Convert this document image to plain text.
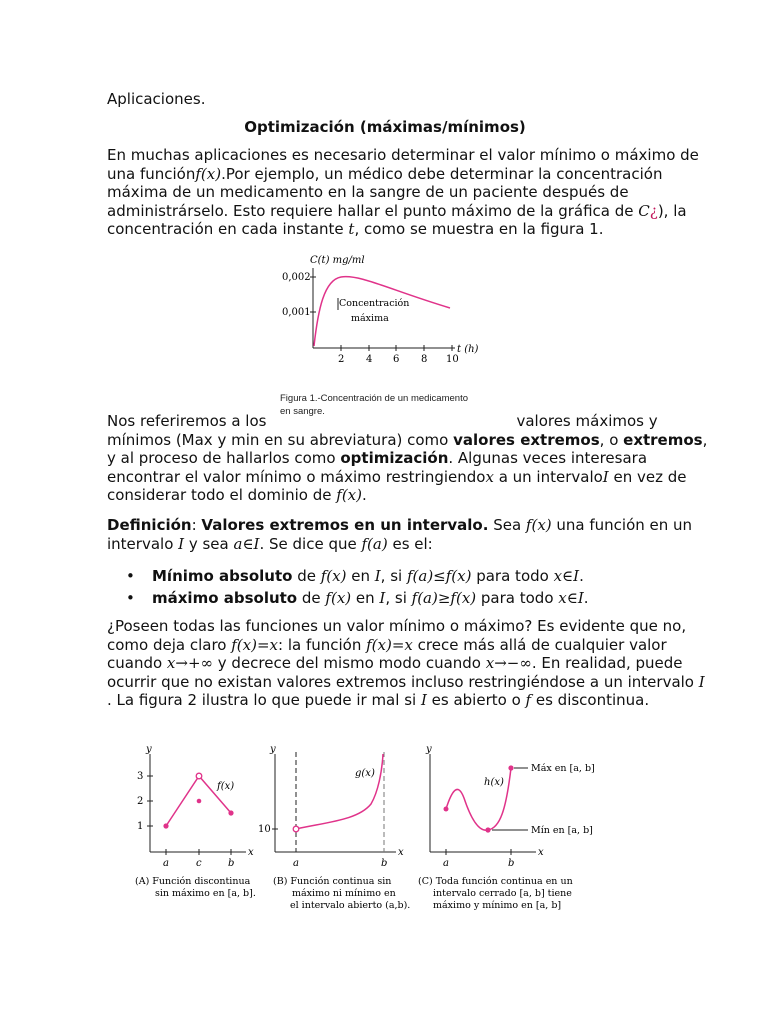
Aplicaciones.
Optimización (máximas/mínimos)
En muchas aplicaciones es necesario determinar el valor mínimo o máximo de
una funciónf(x).Por ejemplo, un médico debe determinar la concentración
máxima de un medicamento en la sangre de un paciente después de
administrárselo. Esto requiere hallar el punto máximo de la gráfica de C¿), la
concentración en cada instante t, como se muestra en la figura 1.
C(t) mg/ml
0,002
0,001
2 4 6 8 10
t (h)
Concentración
máxima
Figura 1.-Concentración de un medicamento
en sangre.
Nos referiremos a los	valores máximos y
mínimos (Max y min en su abreviatura) como valores extremos, o extremos,
y al proceso de hallarlos como optimización. Algunas veces interesara
encontrar el valor mínimo o máximo restringiendox a un intervaloI en vez de
considerar todo el dominio de f(x).
Definición: Valores extremos en un intervalo. Sea f(x) una función en un
intervalo I y sea a∈I. Se dice que f(a) es el:
• Mínimo absoluto de f(x) en I, si f(a)≤f(x) para todo x∈I.
• máximo absoluto de f(x) en I, si f(a)≥f(x) para todo x∈I.
¿Poseen todas las funciones un valor mínimo o máximo? Es evidente que no,
como deja claro f(x)=x: la función f(x)=x crece más allá de cualquier valor
cuando x→+∞ y decrece del mismo modo cuando x→−∞. En realidad, puede
ocurrir que no existan valores extremos incluso restringiéndose a un intervalo I
. La figura 2 ilustra lo que puede ir mal si I es abierto o f es discontinua.
y
x
3
2
1
a	c	b
f(x)
(A) Función discontinua
sin máximo en [a, b].
y
x
10
a	b
g(x)
(B) Función continua sin
máximo ni mínimo en
el intervalo abierto (a,b).
y
x
a	b
Máx en [a, b]
Mín en [a, b]
h(x)
(C) Toda función continua en un
intervalo cerrado [a, b] tiene
máximo y mínimo en [a, b]
